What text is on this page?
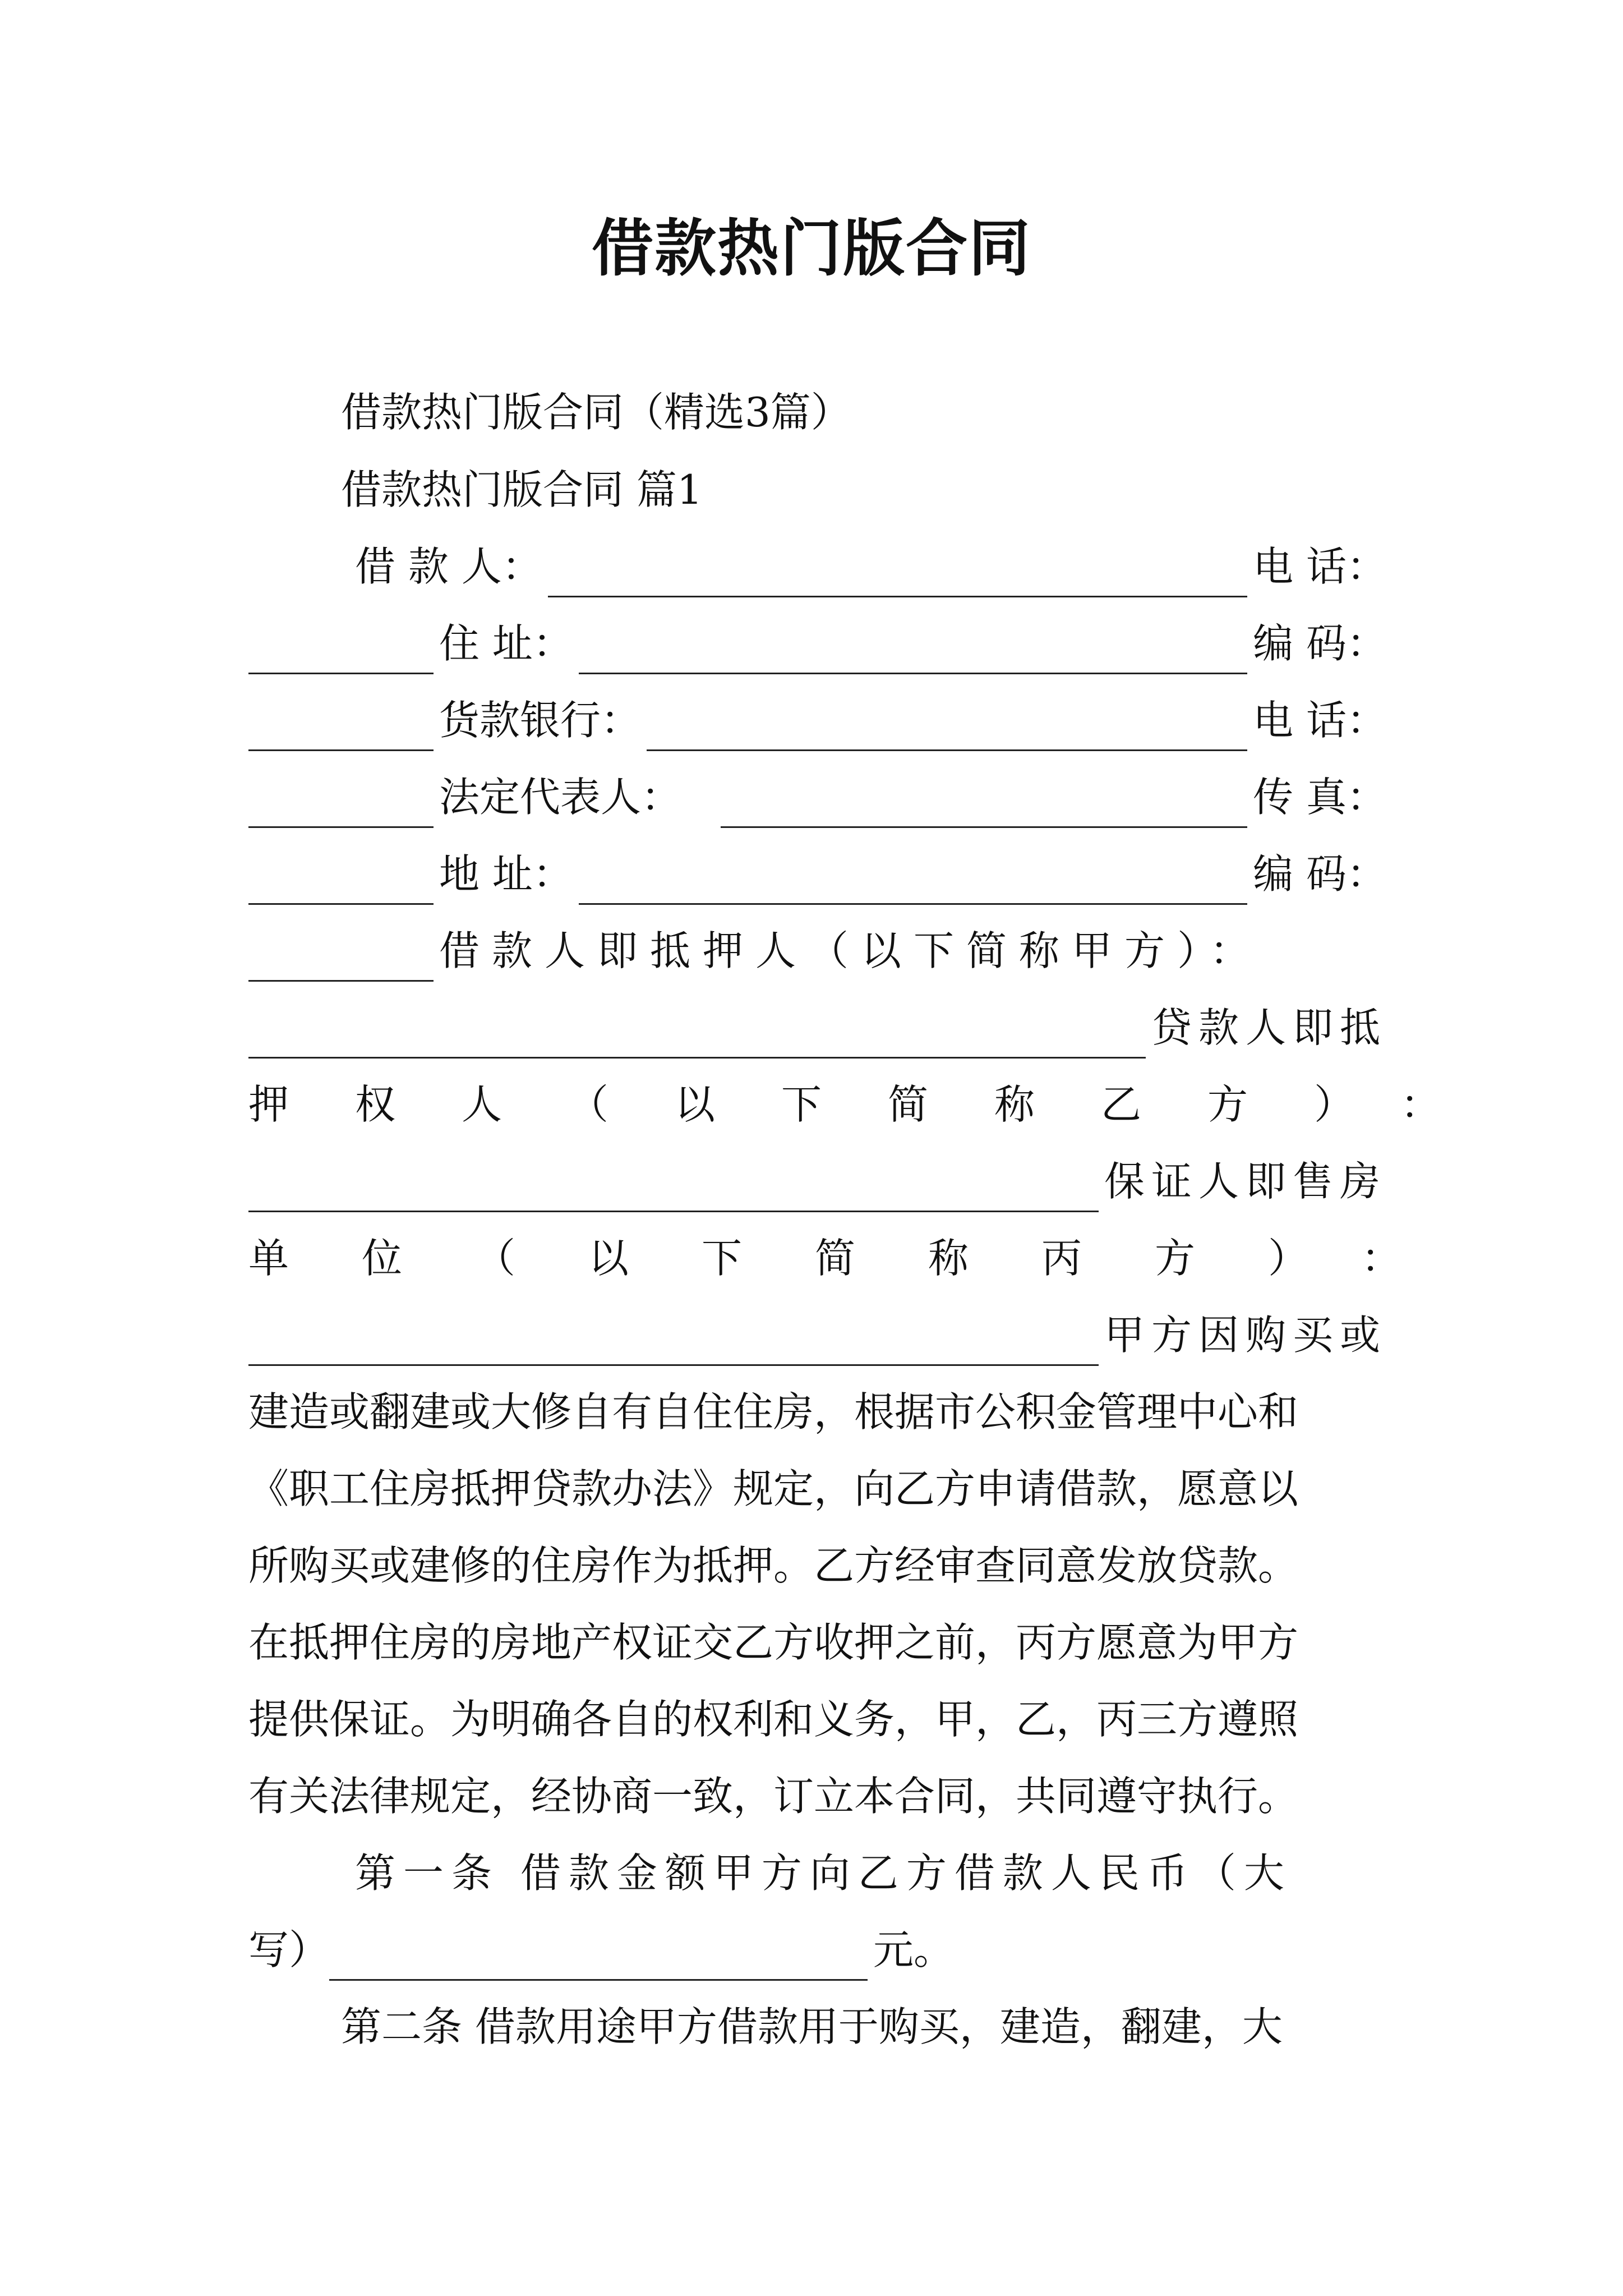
借款热门版合同
借款热门版合同（精选3篇）
借款热门版合同 篇1
借 款 人：	电 话：
住 址：	编 码：
货款银行：	电 话：
法定代表人：	传 真：
地 址：	编 码：
借款人即抵押人（以下简称甲方）：
贷款人即抵
押权人（以下简称乙方）：
保证人即售房
单位（以下简称丙方）：
甲方因购买或
建造或翻建或大修自有自住住房，根据市公积金管理中心和
《职工住房抵押贷款办法》规定，向乙方申请借款，愿意以
所购买或建修的住房作为抵押。乙方经审查同意发放贷款。
在抵押住房的房地产权证交乙方收押之前，丙方愿意为甲方
提供保证。为明确各自的权利和义务，甲，乙，丙三方遵照
有关法律规定，经协商一致，订立本合同，共同遵守执行。
第一条 借款金额甲方向乙方借款人民币（大
写）	元。
第二条 借款用途甲方借款用于购买，建造，翻建，大
